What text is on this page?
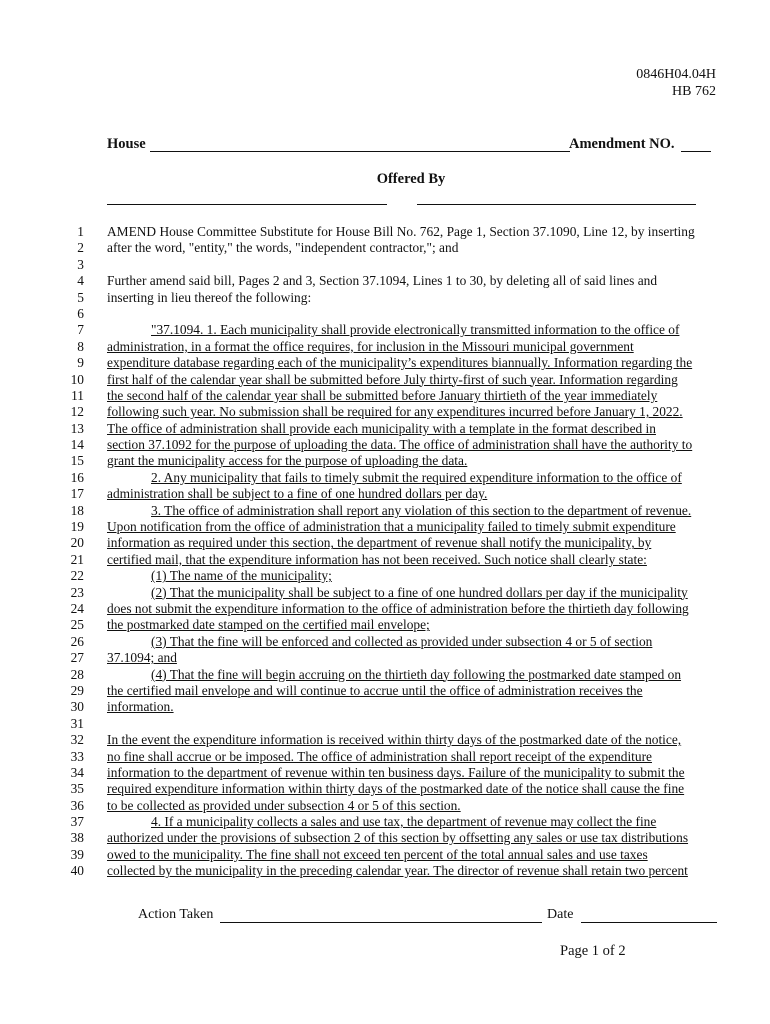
0846H04.04H
HB 762
House	Amendment NO.
Offered By
1 AMEND House Committee Substitute for House Bill No. 762, Page 1, Section 37.1090, Line 12, by inserting
2 after the word, "entity," the words, "independent contractor,"; and
3
4 Further amend said bill, Pages 2 and 3, Section 37.1094, Lines 1 to 30, by deleting all of said lines and
5 inserting in lieu thereof the following:
6
7	"37.1094. 1. Each municipality shall provide electronically transmitted information to the office of
8 administration, in a format the office requires, for inclusion in the Missouri municipal government
9 expenditure database regarding each of the municipality’s expenditures biannually. Information regarding the
10 first half of the calendar year shall be submitted before July thirty-first of such year. Information regarding
11 the second half of the calendar year shall be submitted before January thirtieth of the year immediately
12 following such year. No submission shall be required for any expenditures incurred before January 1, 2022.
13 The office of administration shall provide each municipality with a template in the format described in
14 section 37.1092 for the purpose of uploading the data. The office of administration shall have the authority to
15 grant the municipality access for the purpose of uploading the data.
16	2. Any municipality that fails to timely submit the required expenditure information to the office of
17 administration shall be subject to a fine of one hundred dollars per day.
18	3. The office of administration shall report any violation of this section to the department of revenue.
19 Upon notification from the office of administration that a municipality failed to timely submit expenditure
20 information as required under this section, the department of revenue shall notify the municipality, by
21 certified mail, that the expenditure information has not been received. Such notice shall clearly state:
22	(1) The name of the municipality;
23	(2) That the municipality shall be subject to a fine of one hundred dollars per day if the municipality
24 does not submit the expenditure information to the office of administration before the thirtieth day following
25 the postmarked date stamped on the certified mail envelope;
26	(3) That the fine will be enforced and collected as provided under subsection 4 or 5 of section
27 37.1094; and
28	(4) That the fine will begin accruing on the thirtieth day following the postmarked date stamped on
29 the certified mail envelope and will continue to accrue until the office of administration receives the
30 information.
31
32 In the event the expenditure information is received within thirty days of the postmarked date of the notice,
33 no fine shall accrue or be imposed. The office of administration shall report receipt of the expenditure
34 information to the department of revenue within ten business days. Failure of the municipality to submit the
35 required expenditure information within thirty days of the postmarked date of the notice shall cause the fine
36 to be collected as provided under subsection 4 or 5 of this section.
37	4. If a municipality collects a sales and use tax, the department of revenue may collect the fine
38 authorized under the provisions of subsection 2 of this section by offsetting any sales or use tax distributions
39 owed to the municipality. The fine shall not exceed ten percent of the total annual sales and use taxes
40 collected by the municipality in the preceding calendar year. The director of revenue shall retain two percent
Action Taken	Date
Page 1 of 2
